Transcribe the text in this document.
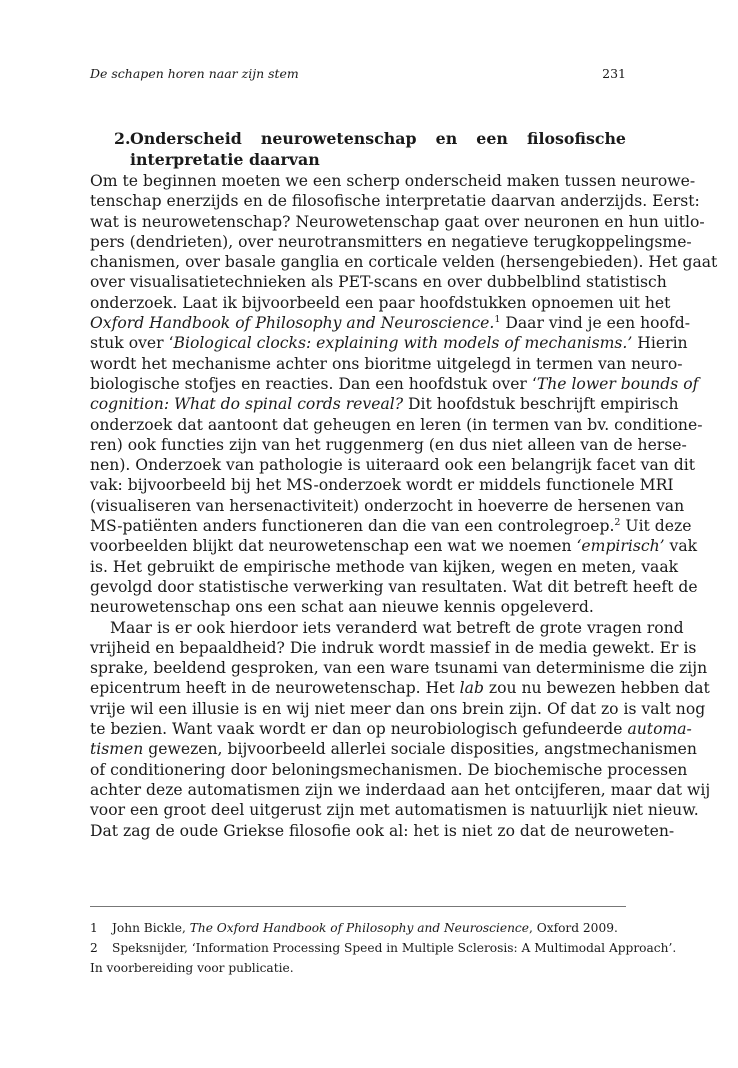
De schapen horen naar zijn stem	231
2. Onderscheid neurowetenschap en een filosofische interpretatie daarvan
Om te beginnen moeten we een scherp onderscheid maken tussen neurowe-
tenschap enerzijds en de filosofische interpretatie daarvan anderzijds. Eerst:
wat is neurowetenschap? Neurowetenschap gaat over neuronen en hun uitlo-
pers (dendrieten), over neurotransmitters en negatieve terugkoppelingsme-
chanismen, over basale ganglia en corticale velden (hersengebieden). Het gaat
over visualisatietechnieken als PET-scans en over dubbelblind statistisch
onderzoek. Laat ik bijvoorbeeld een paar hoofdstukken opnoemen uit het
Oxford Handbook of Philosophy and Neuroscience.$^1$ Daar vind je een hoofd-
stuk over ‘Biological clocks: explaining with models of mechanisms.’ Hierin
wordt het mechanisme achter ons bioritme uitgelegd in termen van neuro-
biologische stofjes en reacties. Dan een hoofdstuk over ‘The lower bounds of
cognition: What do spinal cords reveal? Dit hoofdstuk beschrijft empirisch
onderzoek dat aantoont dat geheugen en leren (in termen van bv. conditione-
ren) ook functies zijn van het ruggenmerg (en dus niet alleen van de herse-
nen). Onderzoek van pathologie is uiteraard ook een belangrijk facet van dit
vak: bijvoorbeeld bij het MS-onderzoek wordt er middels functionele MRI
(visualiseren van hersenactiviteit) onderzocht in hoeverre de hersenen van
MS-patiënten anders functioneren dan die van een controlegroep.$^2$ Uit deze
voorbeelden blijkt dat neurowetenschap een wat we noemen ‘empirisch’ vak
is. Het gebruikt de empirische methode van kijken, wegen en meten, vaak
gevolgd door statistische verwerking van resultaten. Wat dit betreft heeft de
neurowetenschap ons een schat aan nieuwe kennis opgeleverd.
Maar is er ook hierdoor iets veranderd wat betreft de grote vragen rond
vrijheid en bepaaldheid? Die indruk wordt massief in de media gewekt. Er is
sprake, beeldend gesproken, van een ware tsunami van determinisme die zijn
epicentrum heeft in de neurowetenschap. Het lab zou nu bewezen hebben dat
vrije wil een illusie is en wij niet meer dan ons brein zijn. Of dat zo is valt nog
te bezien. Want vaak wordt er dan op neurobiologisch gefundeerde automa-
tismen gewezen, bijvoorbeeld allerlei sociale disposities, angstmechanismen
of conditionering door beloningsmechanismen. De biochemische processen
achter deze automatismen zijn we inderdaad aan het ontcijferen, maar dat wij
voor een groot deel uitgerust zijn met automatismen is natuurlijk niet nieuw.
Dat zag de oude Griekse filosofie ook al: het is niet zo dat de neuroweten-
1 John Bickle, The Oxford Handbook of Philosophy and Neuroscience, Oxford 2009.
2 Speksnijder, ‘Information Processing Speed in Multiple Sclerosis: A Multimodal Approach’.
In voorbereiding voor publicatie.
